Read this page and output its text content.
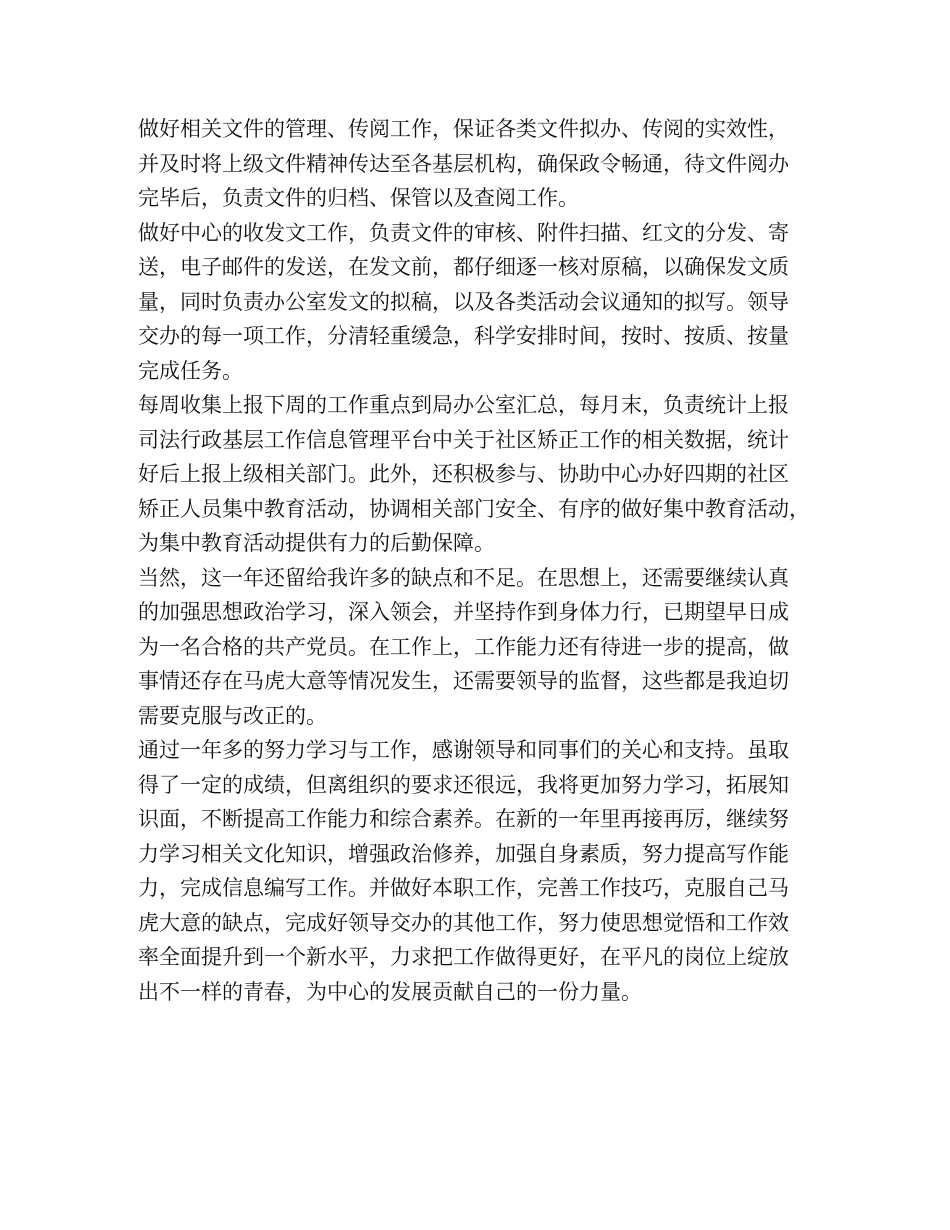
做好相关文件的管理、传阅工作，保证各类文件拟办、传阅的实效性，
并及时将上级文件精神传达至各基层机构，确保政令畅通，待文件阅办
完毕后，负责文件的归档、保管以及查阅工作。

做好中心的收发文工作，负责文件的审核、附件扫描、红文的分发、寄
送，电子邮件的发送，在发文前，都仔细逐一核对原稿，以确保发文质
量，同时负责办公室发文的拟稿，以及各类活动会议通知的拟写。领导
交办的每一项工作，分清轻重缓急，科学安排时间，按时、按质、按量
完成任务。

每周收集上报下周的工作重点到局办公室汇总，每月末，负责统计上报
司法行政基层工作信息管理平台中关于社区矫正工作的相关数据，统计
好后上报上级相关部门。此外，还积极参与、协助中心办好四期的社区
矫正人员集中教育活动，协调相关部门安全、有序的做好集中教育活动，
为集中教育活动提供有力的后勤保障。

当然，这一年还留给我许多的缺点和不足。在思想上，还需要继续认真
的加强思想政治学习，深入领会，并坚持作到身体力行，已期望早日成
为一名合格的共产党员。在工作上，工作能力还有待进一步的提高，做
事情还存在马虎大意等情况发生，还需要领导的监督，这些都是我迫切
需要克服与改正的。

通过一年多的努力学习与工作，感谢领导和同事们的关心和支持。虽取
得了一定的成绩，但离组织的要求还很远，我将更加努力学习，拓展知
识面，不断提高工作能力和综合素养。在新的一年里再接再厉，继续努
力学习相关文化知识，增强政治修养，加强自身素质，努力提高写作能
力，完成信息编写工作。并做好本职工作，完善工作技巧，克服自己马
虎大意的缺点，完成好领导交办的其他工作，努力使思想觉悟和工作效
率全面提升到一个新水平，力求把工作做得更好，在平凡的岗位上绽放
出不一样的青春，为中心的发展贡献自己的一份力量。
